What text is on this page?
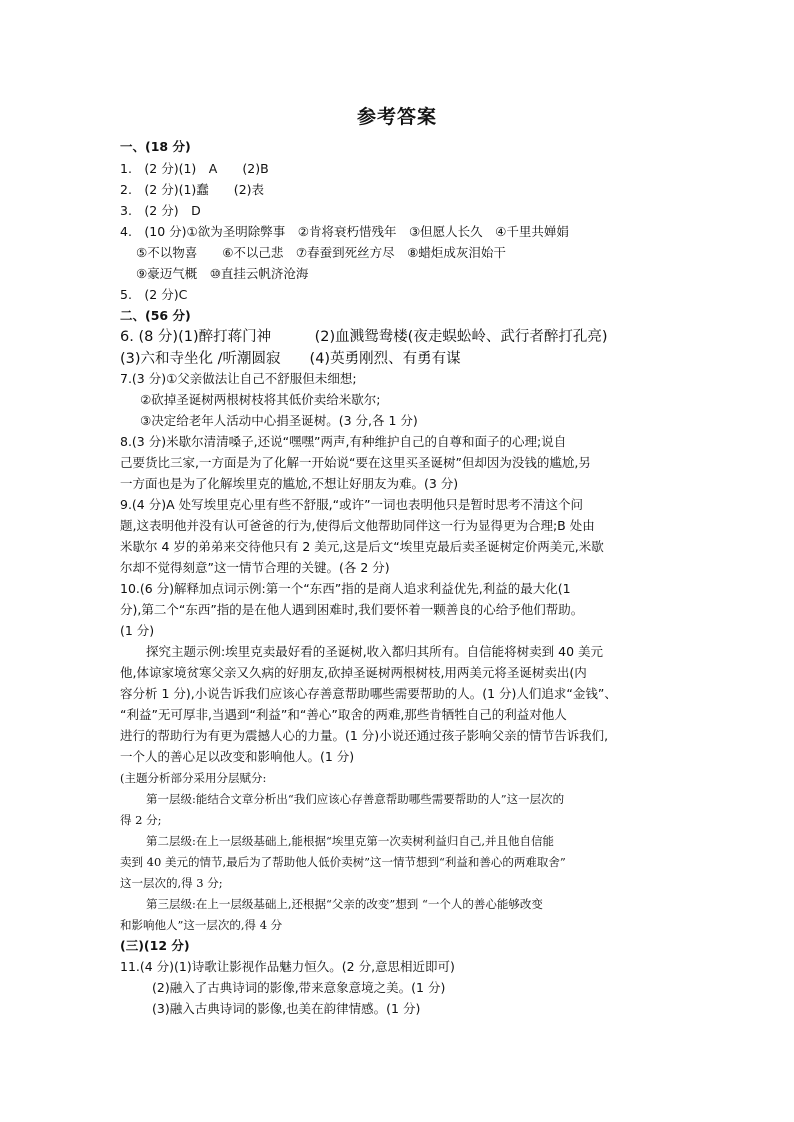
参考答案
一、(18 分)
1.　(2 分)(1)　A　　(2)B
2.　(2 分)(1)蠢　　(2)表
3.　(2 分)　D
4.　(10 分)①欲为圣明除弊事　②肯将衰朽惜残年　③但愿人长久　④千里共婵娟
⑤不以物喜　　⑥不以己悲　⑦春蚕到死丝方尽　⑧蜡炬成灰泪始干
⑨豪迈气概　⑩直挂云帆济沧海
5.　(2 分)C
二、(56 分)
6. (8 分)(1)醉打蒋门神　　　(2)血溅鸳鸯楼(夜走蜈蚣岭、武行者醉打孔亮)
(3)六和寺坐化 /听潮圆寂　　(4)英勇刚烈、有勇有谋
7.(3 分)①父亲做法让自己不舒服但未细想;
②砍掉圣诞树两根树枝将其低价卖给米歇尔;
③决定给老年人活动中心捐圣诞树。(3 分,各 1 分)
8.(3 分)米歇尔清清嗓子,还说“嘿嘿”两声,有种维护自己的自尊和面子的心理;说自
己要货比三家,一方面是为了化解一开始说“要在这里买圣诞树”但却因为没钱的尴尬,另
一方面也是为了化解埃里克的尴尬,不想让好朋友为难。(3 分)
9.(4 分)A 处写埃里克心里有些不舒服,“或许”一词也表明他只是暂时思考不清这个问
题,这表明他并没有认可爸爸的行为,使得后文他帮助同伴这一行为显得更为合理;B 处由
米歇尔 4 岁的弟弟来交待他只有 2 美元,这是后文“埃里克最后卖圣诞树定价两美元,米歇
尔却不觉得刻意”这一情节合理的关键。(各 2 分)
10.(6 分)解释加点词示例:第一个“东西”指的是商人追求利益优先,利益的最大化(1
分),第二个“东西”指的是在他人遇到困难时,我们要怀着一颗善良的心给予他们帮助。
(1 分)
探究主题示例:埃里克卖最好看的圣诞树,收入都归其所有。自信能将树卖到 40 美元
他,体谅家境贫寒父亲又久病的好朋友,砍掉圣诞树两根树枝,用两美元将圣诞树卖出(内
容分析 1 分),小说告诉我们应该心存善意帮助哪些需要帮助的人。(1 分)人们追求“金钱”、
“利益”无可厚非,当遇到“利益”和“善心”取舍的两难,那些肯牺牲自己的利益对他人
进行的帮助行为有更为震撼人心的力量。(1 分)小说还通过孩子影响父亲的情节告诉我们,
一个人的善心足以改变和影响他人。(1 分)
(主题分析部分采用分层赋分:
第一层级:能结合文章分析出“我们应该心存善意帮助哪些需要帮助的人”这一层次的
得 2 分;
第二层级:在上一层级基础上,能根据“埃里克第一次卖树利益归自己,并且他自信能
卖到 40 美元的情节,最后为了帮助他人低价卖树”这一情节想到“利益和善心的两难取舍”
这一层次的,得 3 分;
第三层级:在上一层级基础上,还根据“父亲的改变”想到 “一个人的善心能够改变
和影响他人”这一层次的,得 4 分
(三)(12 分)
11.(4 分)(1)诗歌让影视作品魅力恒久。(2 分,意思相近即可)
(2)融入了古典诗词的影像,带来意象意境之美。(1 分)
(3)融入古典诗词的影像,也美在韵律情感。(1 分)
